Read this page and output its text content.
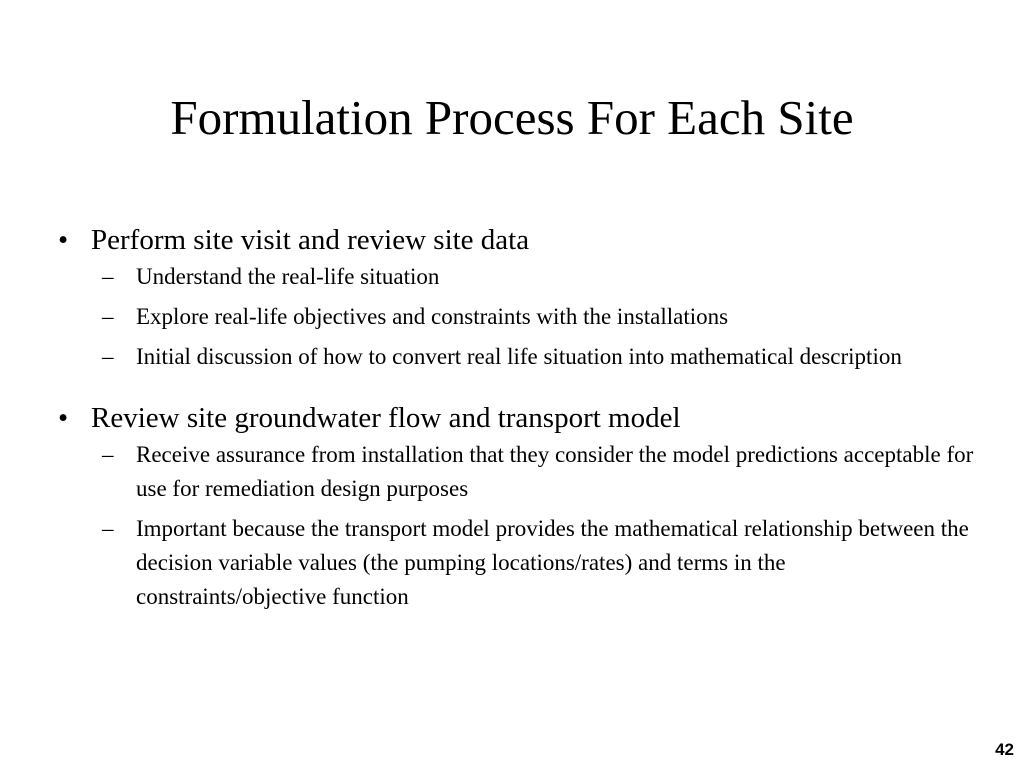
Formulation Process For Each Site
• Perform site visit and review site data
– Understand the real-life situation
– Explore real-life objectives and constraints with the installations
– Initial discussion of how to convert real life situation into mathematical description
• Review site groundwater flow and transport model
– Receive assurance from installation that they consider the model predictions acceptable for use for remediation design purposes
– Important because the transport model provides the mathematical relationship between the decision variable values (the pumping locations/rates) and terms in the constraints/objective function
42
